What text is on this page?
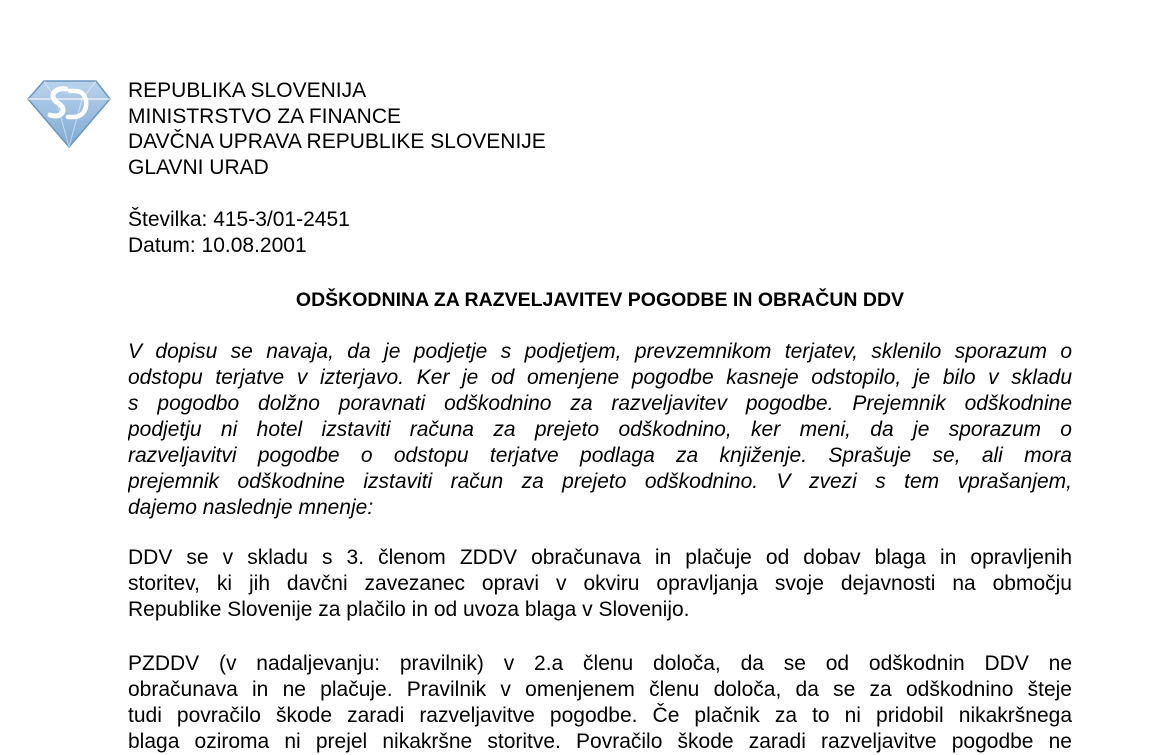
REPUBLIKA SLOVENIJA
MINISTRSTVO ZA FINANCE
DAVČNA UPRAVA REPUBLIKE SLOVENIJE
GLAVNI URAD
Številka: 415-3/01-2451
Datum: 10.08.2001
ODŠKODNINA ZA RAZVELJAVITEV POGODBE IN OBRAČUN DDV
V dopisu se navaja, da je podjetje s podjetjem, prevzemnikom terjatev, sklenilo sporazum o
odstopu terjatve v izterjavo. Ker je od omenjene pogodbe kasneje odstopilo, je bilo v skladu
s pogodbo dolžno poravnati odškodnino za razveljavitev pogodbe. Prejemnik odškodnine
podjetju ni hotel izstaviti računa za prejeto odškodnino, ker meni, da je sporazum o
razveljavitvi pogodbe o odstopu terjatve podlaga za knjiženje. Sprašuje se, ali mora
prejemnik odškodnine izstaviti račun za prejeto odškodnino. V zvezi s tem vprašanjem,
dajemo naslednje mnenje:
DDV se v skladu s 3. členom ZDDV obračunava in plačuje od dobav blaga in opravljenih
storitev, ki jih davčni zavezanec opravi v okviru opravljanja svoje dejavnosti na območju
Republike Slovenije za plačilo in od uvoza blaga v Slovenijo.
PZDDV (v nadaljevanju: pravilnik) v 2.a členu določa, da se od odškodnin DDV ne
obračunava in ne plačuje. Pravilnik v omenjenem členu določa, da se za odškodnino šteje
tudi povračilo škode zaradi razveljavitve pogodbe. Če plačnik za to ni pridobil nikakršnega
blaga oziroma ni prejel nikakršne storitve. Povračilo škode zaradi razveljavitve pogodbe ne
